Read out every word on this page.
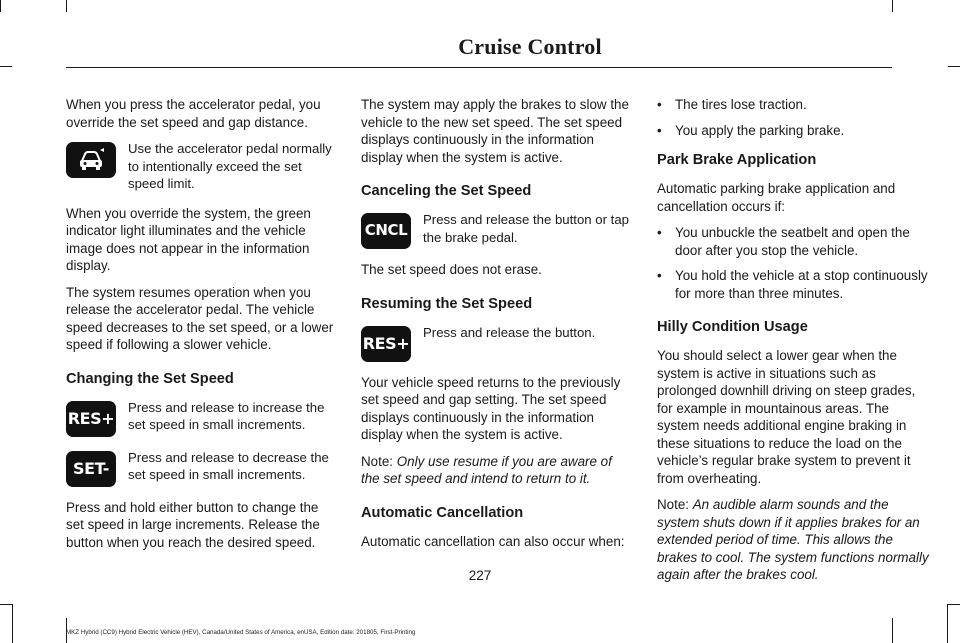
Cruise Control

When you press the accelerator pedal, you override the set speed and gap distance.

Use the accelerator pedal normally to intentionally exceed the set speed limit.

When you override the system, the green indicator light illuminates and the vehicle image does not appear in the information display.

The system resumes operation when you release the accelerator pedal. The vehicle speed decreases to the set speed, or a lower speed if following a slower vehicle.

Changing the Set Speed
RES+
Press and release to increase the set speed in small increments.
SET-
Press and release to decrease the set speed in small increments.

Press and hold either button to change the set speed in large increments. Release the button when you reach the desired speed.

The system may apply the brakes to slow the vehicle to the new set speed. The set speed displays continuously in the information display when the system is active.

Canceling the Set Speed
CNCL
Press and release the button or tap the brake pedal.

The set speed does not erase.

Resuming the Set Speed
RES+
Press and release the button.

Your vehicle speed returns to the previously set speed and gap setting. The set speed displays continuously in the information display when the system is active.

Note: Only use resume if you are aware of the set speed and intend to return to it.

Automatic Cancellation

Automatic cancellation can also occur when:

• The tires lose traction.
• You apply the parking brake.
Park Brake Application

Automatic parking brake application and cancellation occurs if:

• You unbuckle the seatbelt and open the door after you stop the vehicle.
• You hold the vehicle at a stop continuously for more than three minutes.
Hilly Condition Usage

You should select a lower gear when the system is active in situations such as prolonged downhill driving on steep grades, for example in mountainous areas. The system needs additional engine braking in these situations to reduce the load on the vehicle’s regular brake system to prevent it from overheating.

Note: An audible alarm sounds and the system shuts down if it applies brakes for an extended period of time. This allows the brakes to cool. The system functions normally again after the brakes cool.

227
MKZ Hybrid (CC9) Hybrid Electric Vehicle (HEV), Canada/United States of America, enUSA, Edition date: 201805, First-Printing
